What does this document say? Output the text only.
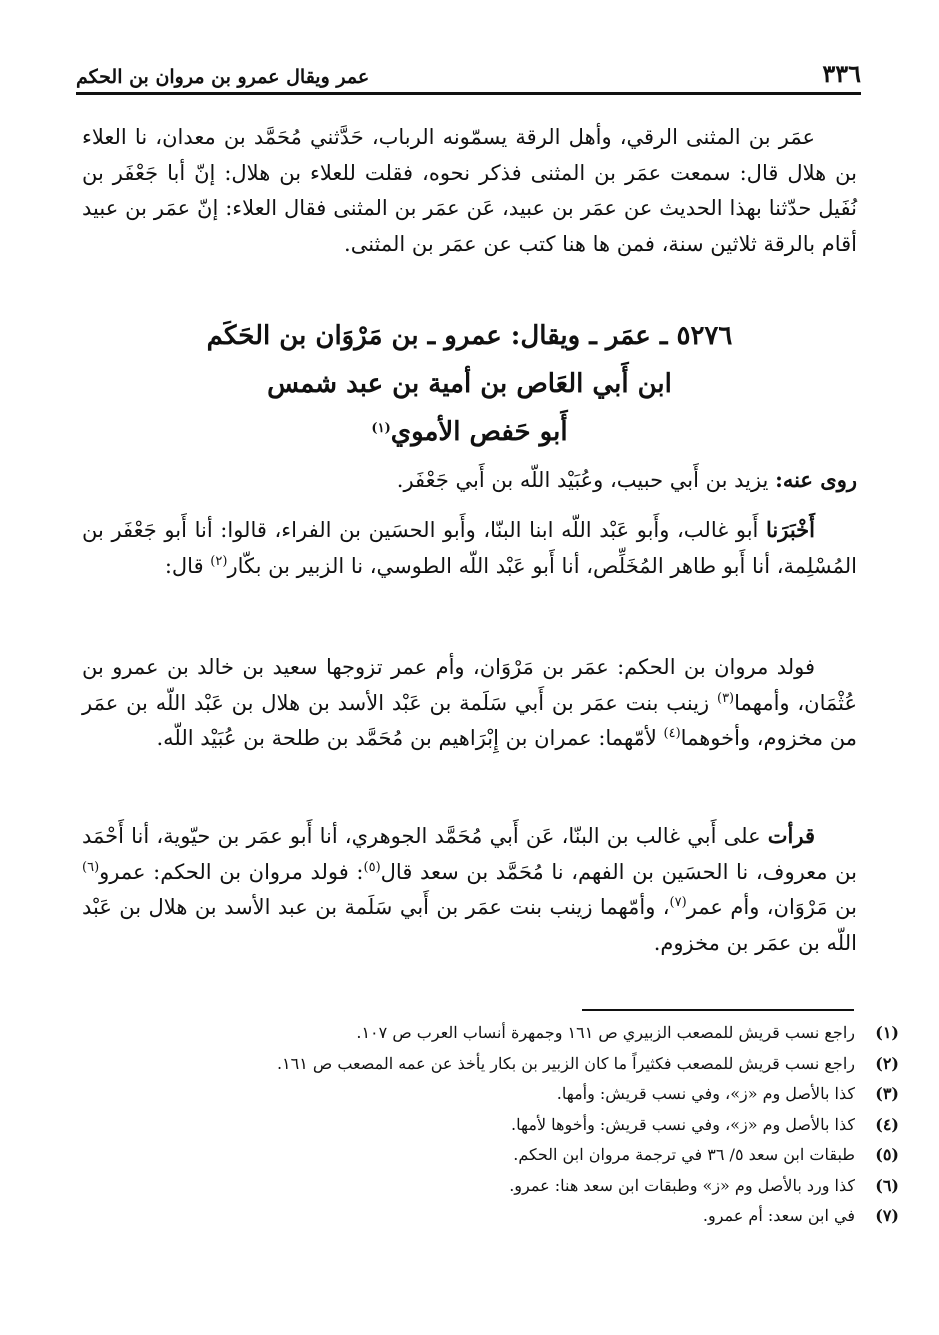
٣٣٦
عمر ويقال عمرو بن مروان بن الحكم

عمَر بن المثنى الرقي، وأهل الرقة يسمّونه الرباب، حَدَّثني مُحَمَّد بن معدان، نا العلاء بن هلال قال: سمعت عمَر بن المثنى فذكر نحوه، فقلت للعلاء بن هلال: إنّ أبا جَعْفَر بن نُفَيل حدّثنا بهذا الحديث عن عمَر بن عبيد، عَن عمَر بن المثنى فقال العلاء: إنّ عمَر بن عبيد أقام بالرقة ثلاثين سنة، فمن ها هنا كتب عن عمَر بن المثنى.

٥٢٧٦ ـ عمَر ـ ويقال: عمرو ـ بن مَرْوَان بن الحَكَم
ابن أَبي العَاص بن أمية بن عبد شمس
أَبو حَفص الأموي$^{(١)}$

روى عنه: يزيد بن أَبي حبيب، وعُبَيْد اللّه بن أَبي جَعْفَر.

أَخْبَرَنا أَبو غالب، وأَبو عَبْد اللّه ابنا البنّا، وأَبو الحسَين بن الفراء، قالوا: أنا أَبو جَعْفَر بن المُسْلِمة، أنا أَبو طاهر المُخَلِّص، أنا أَبو عَبْد اللّه الطوسي، نا الزبير بن بكّار$^{(٢)}$ قال:

فولد مروان بن الحكم: عمَر بن مَرْوَان، وأم عمر تزوجها سعيد بن خالد بن عمرو بن عُثْمَان، وأمهما$^{(٣)}$ زينب بنت عمَر بن أَبي سَلَمة بن عَبْد الأسد بن هلال بن عَبْد اللّه بن عمَر من مخزوم، وأخوهما$^{(٤)}$ لأمّهما: عمران بن إِبْرَاهيم بن مُحَمَّد بن طلحة بن عُبَيْد اللّه.

قرأت على أَبي غالب بن البنّا، عَن أَبي مُحَمَّد الجوهري، أنا أَبو عمَر بن حيّوية، أنا أَحْمَد بن معروف، نا الحسَين بن الفهم، نا مُحَمَّد بن سعد قال$^{(٥)}$: فولد مروان بن الحكم: عمرو$^{(٦)}$ بن مَرْوَان، وأم عمر$^{(٧)}$، وأمّهما زينب بنت عمَر بن أَبي سَلَمة بن عبد الأسد بن هلال بن عَبْد اللّه بن عمَر بن مخزوم.

(١)
راجع نسب قريش للمصعب الزبيري ص ١٦١ وجمهرة أنساب العرب ص ١٠٧.
(٢)
راجع نسب قريش للمصعب فكثيراً ما كان الزبير بن بكار يأخذ عن عمه المصعب ص ١٦١.
(٣)
كذا بالأصل وم «ز»، وفي نسب قريش: وأمها.
(٤)
كذا بالأصل وم «ز»، وفي نسب قريش: وأخوها لأمها.
(٥)
طبقات ابن سعد ٥/ ٣٦ في ترجمة مروان ابن الحكم.
(٦)
كذا ورد بالأصل وم «ز» وطبقات ابن سعد هنا: عمرو.
(٧)
في ابن سعد: أم عمرو.
